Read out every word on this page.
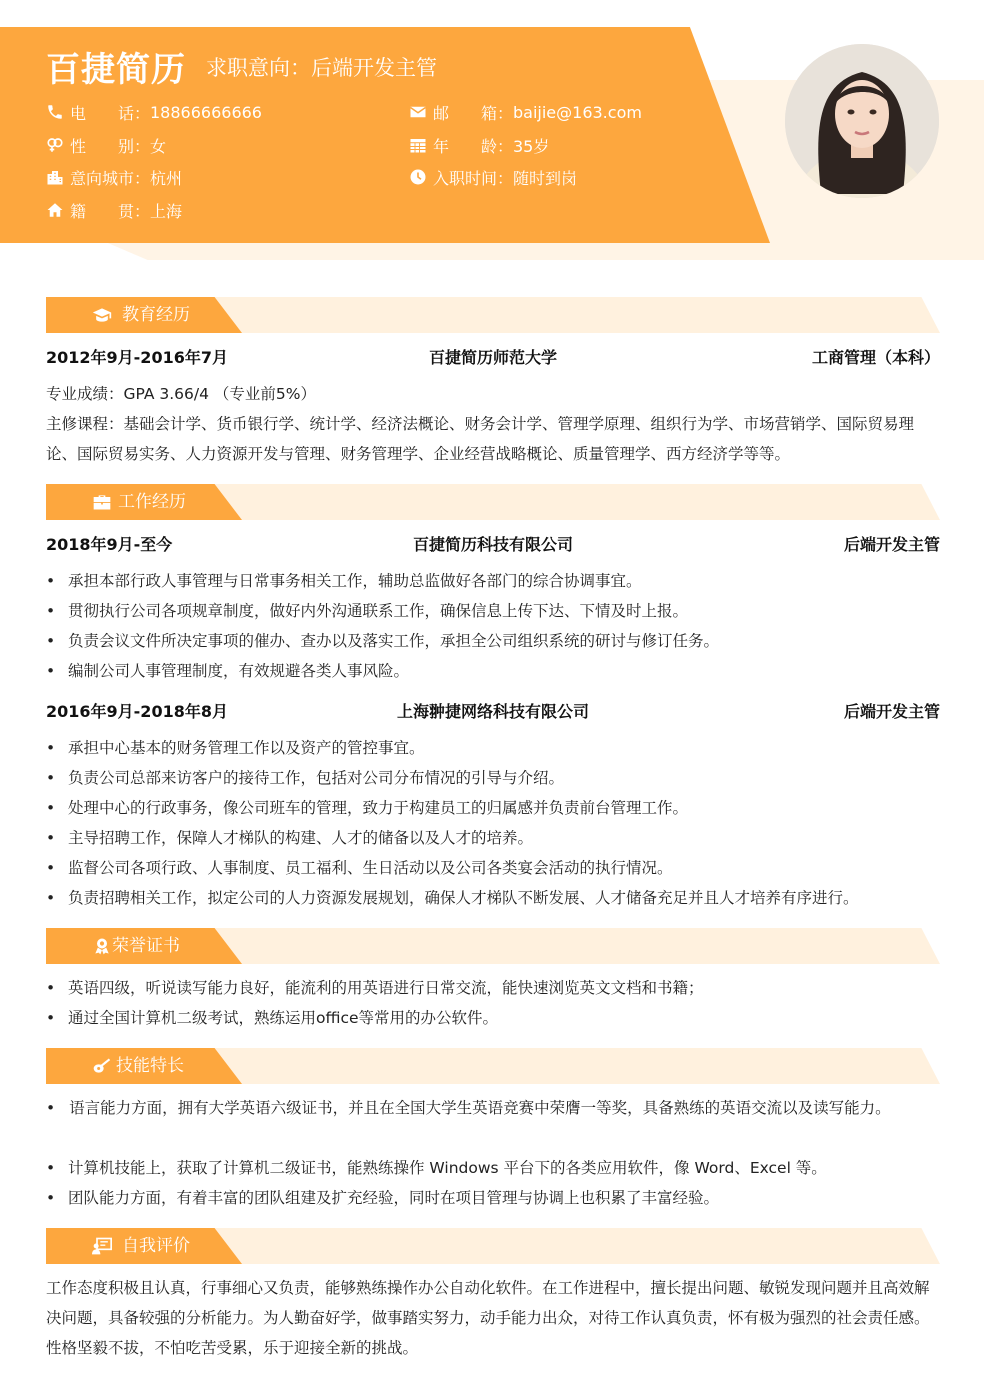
百捷简历 求职意向：后端开发主管
电　　话： 18866666666	邮　　箱： baijie@163.com
性　　别： 女	年　　龄： 35岁
意向城市： 杭州	入职时间： 随时到岗
籍　　贯： 上海
教育经历
2012年9月-2016年7月	百捷简历师范大学	工商管理（本科）
专业成绩：GPA 3.66/4 （专业前5%）
主修课程：基础会计学、货币银行学、统计学、经济法概论、财务会计学、管理学原理、组织行为学、市场营销学、国际贸易理论、国际贸易实务、人力资源开发与管理、财务管理学、企业经营战略概论、质量管理学、西方经济学等等。
工作经历
2018年9月-至今	百捷简历科技有限公司	后端开发主管
• 承担本部行政人事管理与日常事务相关工作，辅助总监做好各部门的综合协调事宜。
• 贯彻执行公司各项规章制度，做好内外沟通联系工作，确保信息上传下达、下情及时上报。
• 负责会议文件所决定事项的催办、查办以及落实工作，承担全公司组织系统的研讨与修订任务。
• 编制公司人事管理制度，有效规避各类人事风险。
2016年9月-2018年8月	上海翀捷网络科技有限公司	后端开发主管
• 承担中心基本的财务管理工作以及资产的管控事宜。
• 负责公司总部来访客户的接待工作，包括对公司分布情况的引导与介绍。
• 处理中心的行政事务，像公司班车的管理，致力于构建员工的归属感并负责前台管理工作。
• 主导招聘工作，保障人才梯队的构建、人才的储备以及人才的培养。
• 监督公司各项行政、人事制度、员工福利、生日活动以及公司各类宴会活动的执行情况。
• 负责招聘相关工作，拟定公司的人力资源发展规划，确保人才梯队不断发展、人才储备充足并且人才培养有序进行。
荣誉证书
• 英语四级，听说读写能力良好，能流利的用英语进行日常交流，能快速浏览英文文档和书籍；
• 通过全国计算机二级考试，熟练运用office等常用的办公软件。
技能特长
• 语言能力方面，拥有大学英语六级证书，并且在全国大学生英语竞赛中荣膺一等奖，具备熟练的英语交流以及读写能力。
• 计算机技能上，获取了计算机二级证书，能熟练操作 Windows 平台下的各类应用软件，像 Word、Excel 等。
• 团队能力方面，有着丰富的团队组建及扩充经验，同时在项目管理与协调上也积累了丰富经验。
自我评价
工作态度积极且认真，行事细心又负责，能够熟练操作办公自动化软件。在工作进程中，擅长提出问题、敏锐发现问题并且高效解决问题，具备较强的分析能力。为人勤奋好学，做事踏实努力，动手能力出众，对待工作认真负责，怀有极为强烈的社会责任感。性格坚毅不拔，不怕吃苦受累，乐于迎接全新的挑战。
